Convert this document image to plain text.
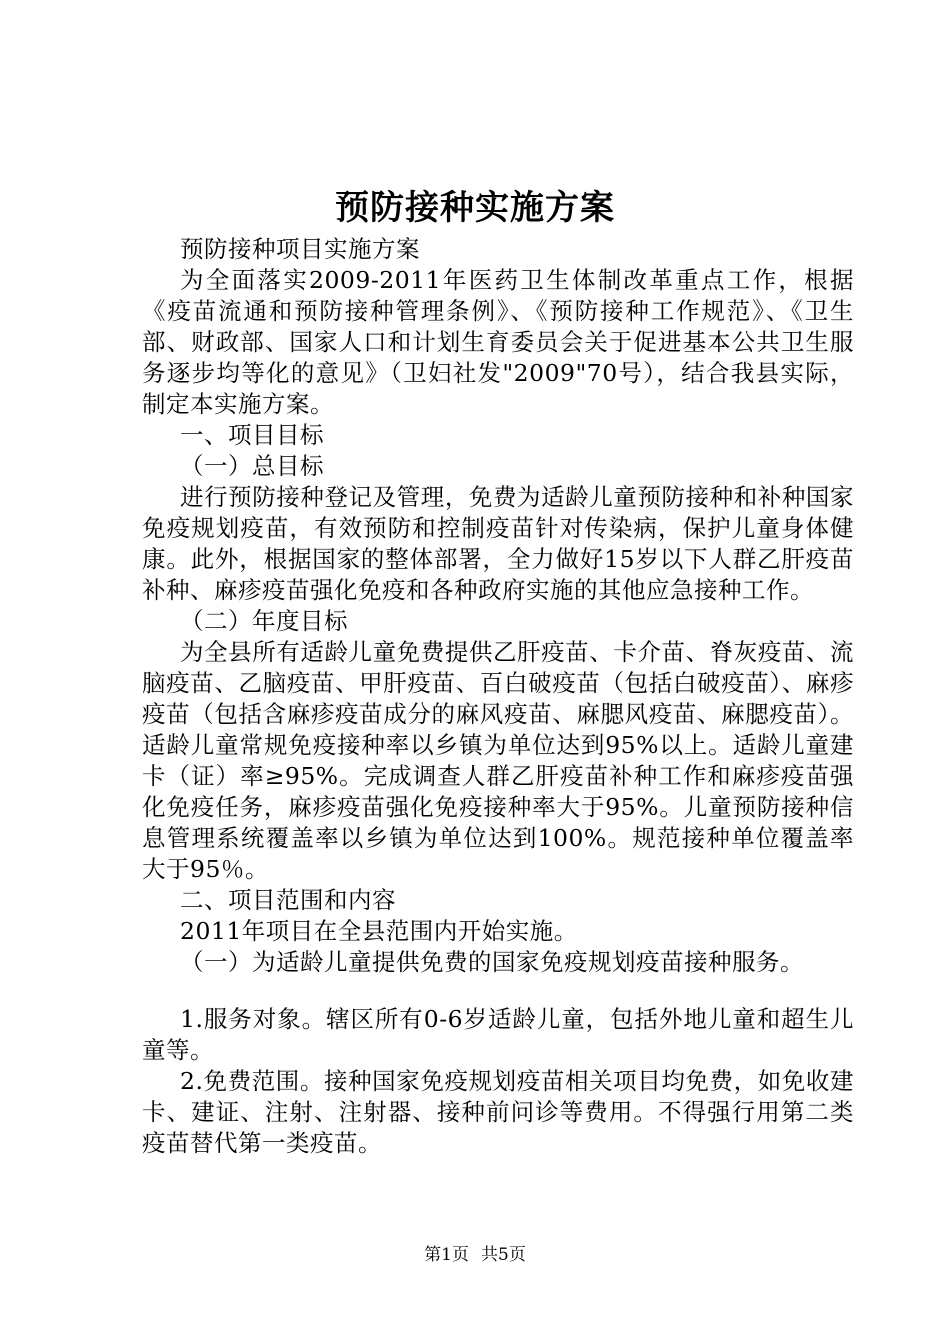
预防接种实施方案

预防接种项目实施方案

为全面落实2009-2011年医药卫生体制改革重点工作，根据《疫苗流通和预防接种管理条例》、《预防接种工作规范》、《卫生部、财政部、国家人口和计划生育委员会关于促进基本公共卫生服务逐步均等化的意见》（卫妇社发"2009"70号），结合我县实际，制定本实施方案。

一、项目目标

（一）总目标

进行预防接种登记及管理，免费为适龄儿童预防接种和补种国家免疫规划疫苗，有效预防和控制疫苗针对传染病，保护儿童身体健康。此外，根据国家的整体部署，全力做好15岁以下人群乙肝疫苗补种、麻疹疫苗强化免疫和各种政府实施的其他应急接种工作。

（二）年度目标

为全县所有适龄儿童免费提供乙肝疫苗、卡介苗、脊灰疫苗、流脑疫苗、乙脑疫苗、甲肝疫苗、百白破疫苗（包括白破疫苗）、麻疹疫苗（包括含麻疹疫苗成分的麻风疫苗、麻腮风疫苗、麻腮疫苗）。适龄儿童常规免疫接种率以乡镇为单位达到95%以上。适龄儿童建卡（证）率≥95%。完成调查人群乙肝疫苗补种工作和麻疹疫苗强化免疫任务，麻疹疫苗强化免疫接种率大于95%。儿童预防接种信息管理系统覆盖率以乡镇为单位达到100%。规范接种单位覆盖率大于95％。

二、项目范围和内容

2011年项目在全县范围内开始实施。

（一）为适龄儿童提供免费的国家免疫规划疫苗接种服务。

1.服务对象。辖区所有0-6岁适龄儿童，包括外地儿童和超生儿童等。

2.免费范围。接种国家免疫规划疫苗相关项目均免费，如免收建卡、建证、注射、注射器、接种前问诊等费用。不得强行用第二类疫苗替代第一类疫苗。

第1页 共5页
